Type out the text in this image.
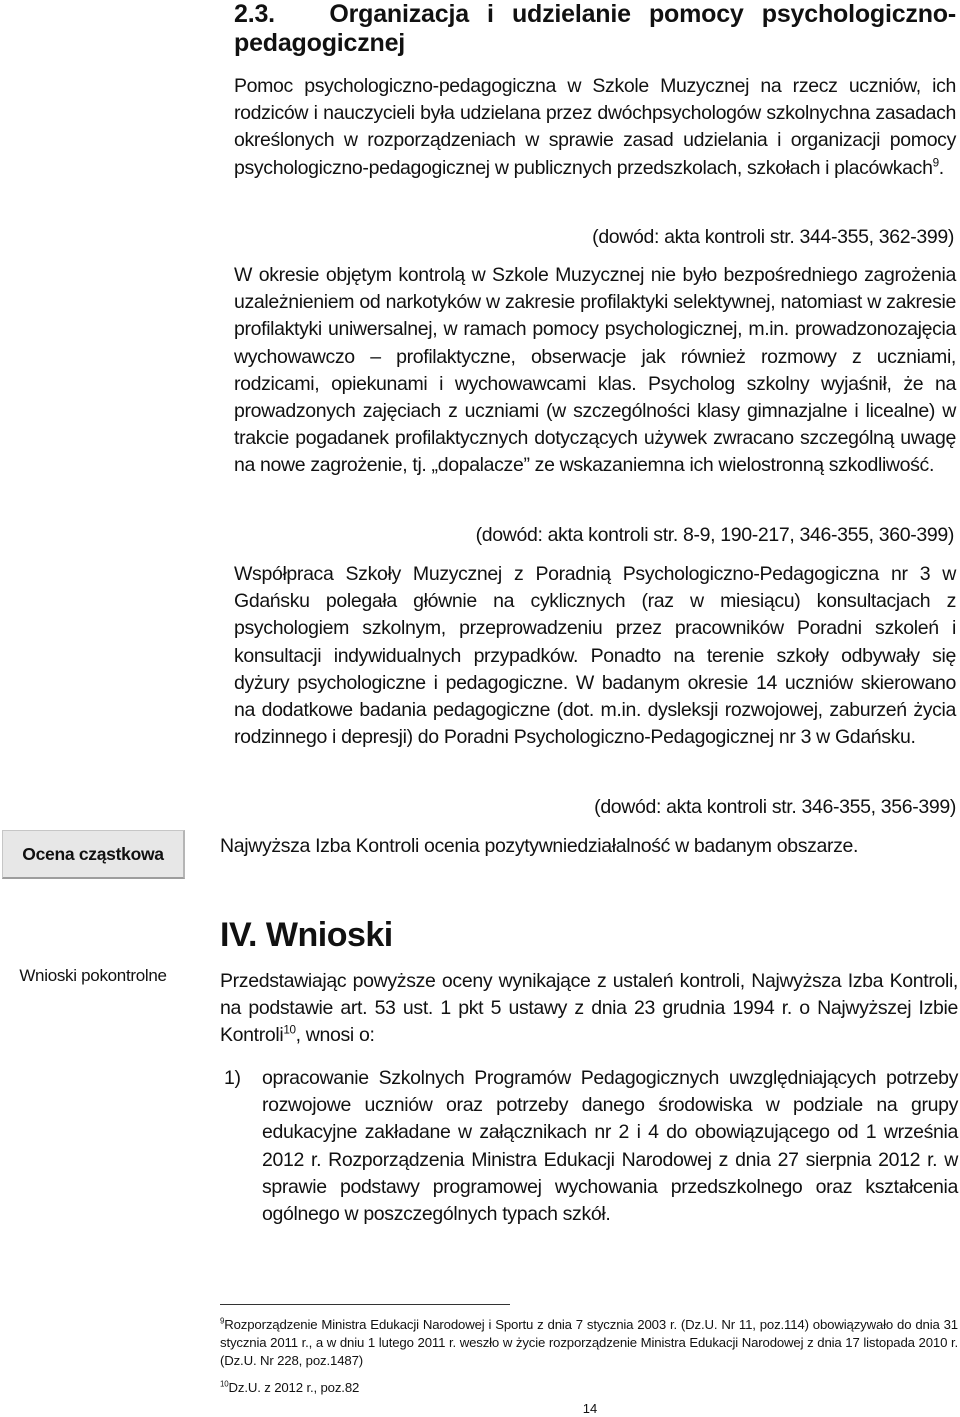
2.3. Organizacja i udzielanie pomocy psychologiczno-pedagogicznej

Pomoc psychologiczno-pedagogiczna w Szkole Muzycznej na rzecz uczniów, ich rodziców i nauczycieli była udzielana przez dwóchpsychologów szkolnychna zasadach określonych w rozporządzeniach w sprawie zasad udzielania i organizacji pomocy psychologiczno-pedagogicznej w publicznych przedszkolach, szkołach i placówkach$^9$.

(dowód: akta kontroli str. 344-355, 362-399)

W okresie objętym kontrolą w Szkole Muzycznej nie było bezpośredniego zagrożenia uzależnieniem od narkotyków w zakresie profilaktyki selektywnej, natomiast w zakresie profilaktyki uniwersalnej, w ramach pomocy psychologicznej, m.in. prowadzonozajęcia wychowawczo – profilaktyczne, obserwacje jak również rozmowy z uczniami, rodzicami, opiekunami i wychowawcami klas. Psycholog szkolny wyjaśnił, że na prowadzonych zajęciach z uczniami (w szczególności klasy gimnazjalne i licealne) w trakcie pogadanek profilaktycznych dotyczących używek zwracano szczególną uwagę na nowe zagrożenie, tj. „dopalacze” ze wskazaniemna ich wielostronną szkodliwość.

(dowód: akta kontroli str. 8-9, 190-217, 346-355, 360-399)

Współpraca Szkoły Muzycznej z Poradnią Psychologiczno-Pedagogiczna nr 3 w Gdańsku polegała głównie na cyklicznych (raz w miesiącu) konsultacjach z psychologiem szkolnym, przeprowadzeniu przez pracowników Poradni szkoleń i konsultacji indywidualnych przypadków. Ponadto na terenie szkoły odbywały się dyżury psychologiczne i pedagogiczne. W badanym okresie 14 uczniów skierowano na dodatkowe badania pedagogiczne (dot. m.in. dysleksji rozwojowej, zaburzeń życia rodzinnego i depresji) do Poradni Psychologiczno-Pedagogicznej nr 3 w Gdańsku.

(dowód: akta kontroli str. 346-355, 356-399)

Ocena cząstkowa	Najwyższa Izba Kontroli ocenia pozytywniedziałalność w badanym obszarze.

IV. Wnioski
Wnioski pokontrolne	Przedstawiając powyższe oceny wynikające z ustaleń kontroli, Najwyższa Izba Kontroli, na podstawie art. 53 ust. 1 pkt 5 ustawy z dnia 23 grudnia 1994 r. o Najwyższej Izbie Kontroli$^{10}$, wnosi o:

1) opracowanie Szkolnych Programów Pedagogicznych uwzględniających potrzeby rozwojowe uczniów oraz potrzeby danego środowiska w podziale na grupy edukacyjne zakładane w załącznikach nr 2 i 4 do obowiązującego od 1 września 2012 r. Rozporządzenia Ministra Edukacji Narodowej z dnia 27 sierpnia 2012 r. w sprawie podstawy programowej wychowania przedszkolnego oraz kształcenia ogólnego w poszczególnych typach szkół.

$^9$Rozporządzenie Ministra Edukacji Narodowej i Sportu z dnia 7 stycznia 2003 r. (Dz.U. Nr 11, poz.114) obowiązywało do dnia 31 stycznia 2011 r., a w dniu 1 lutego 2011 r. weszło w życie rozporządzenie Ministra Edukacji Narodowej z dnia 17 listopada 2010 r. (Dz.U. Nr 228, poz.1487)

$^{10}$Dz.U. z 2012 r., poz.82

14
